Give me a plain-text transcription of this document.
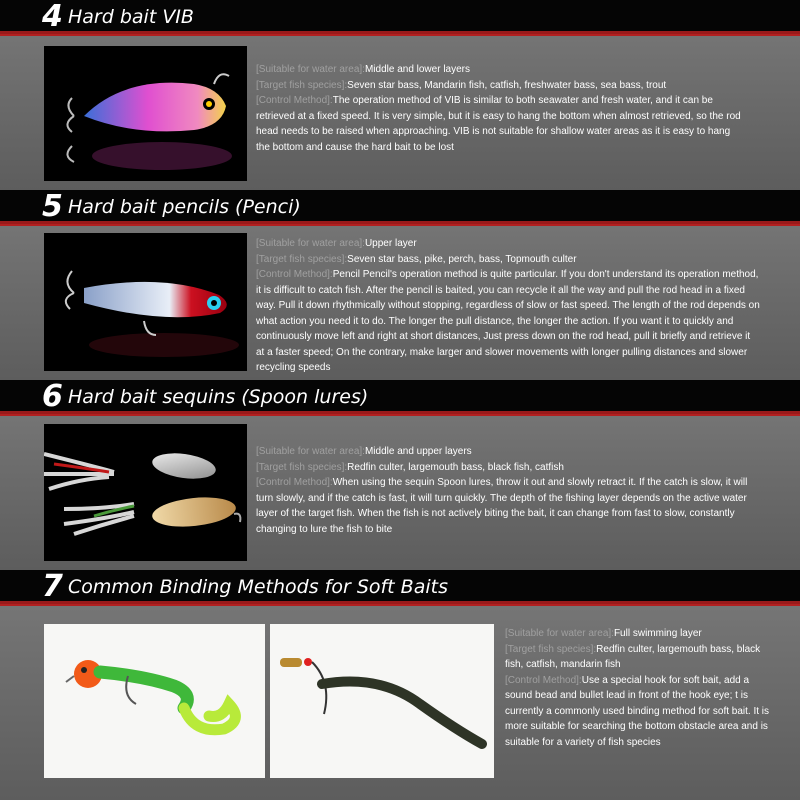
4 Hard bait VIB

[Suitable for water area]:Middle and lower layers

[Target fish species]:Seven star bass, Mandarin fish, catfish, freshwater bass, sea bass, trout

[Control Method]:The operation method of VIB is similar to both seawater and fresh water, and it can be retrieved at a fixed speed. It is very simple, but it is easy to hang the bottom when almost retrieved, so the rod head needs to be raised when approaching. VIB is not suitable for shallow water areas as it is easy to hang the bottom and cause the hard bait to be lost

5 Hard bait pencils (Penci)

[Suitable for water area]:Upper layer

[Target fish species]:Seven star bass, pike, perch, bass, Topmouth culter

[Control Method]:Pencil Pencil's operation method is quite particular. If you don't understand its operation method, it is difficult to catch fish. After the pencil is baited, you can recycle it all the way and pull the rod head in a fixed way. Pull it down rhythmically without stopping, regardless of slow or fast speed. The length of the rod depends on what action you need it to do. The longer the pull distance, the longer the action. If you want it to quickly and continuously move left and right at short distances, Just press down on the rod head, pull it briefly and retrieve it at a faster speed; On the contrary, make larger and slower movements with longer pulling distances and slower recycling speeds

6 Hard bait sequins (Spoon lures)

[Suitable for water area]:Middle and upper layers

[Target fish species]:Redfin culter, largemouth bass, black fish, catfish

[Control Method]:When using the sequin Spoon lures, throw it out and slowly retract it. If the catch is slow, it will turn slowly, and if the catch is fast, it will turn quickly. The depth of the fishing layer depends on the active water layer of the target fish. When the fish is not actively biting the bait, it can change from fast to slow, constantly changing to lure the fish to bite

7 Common Binding Methods for Soft Baits

[Suitable for water area]:Full swimming layer

[Target fish species]:Redfin culter, largemouth bass, black fish, catfish, mandarin fish

[Control Method]:Use a special hook for soft bait, add a sound bead and bullet lead in front of the hook eye; t is currently a commonly used binding method for soft bait. It is more suitable for searching the bottom obstacle area and is suitable for a variety of fish species
